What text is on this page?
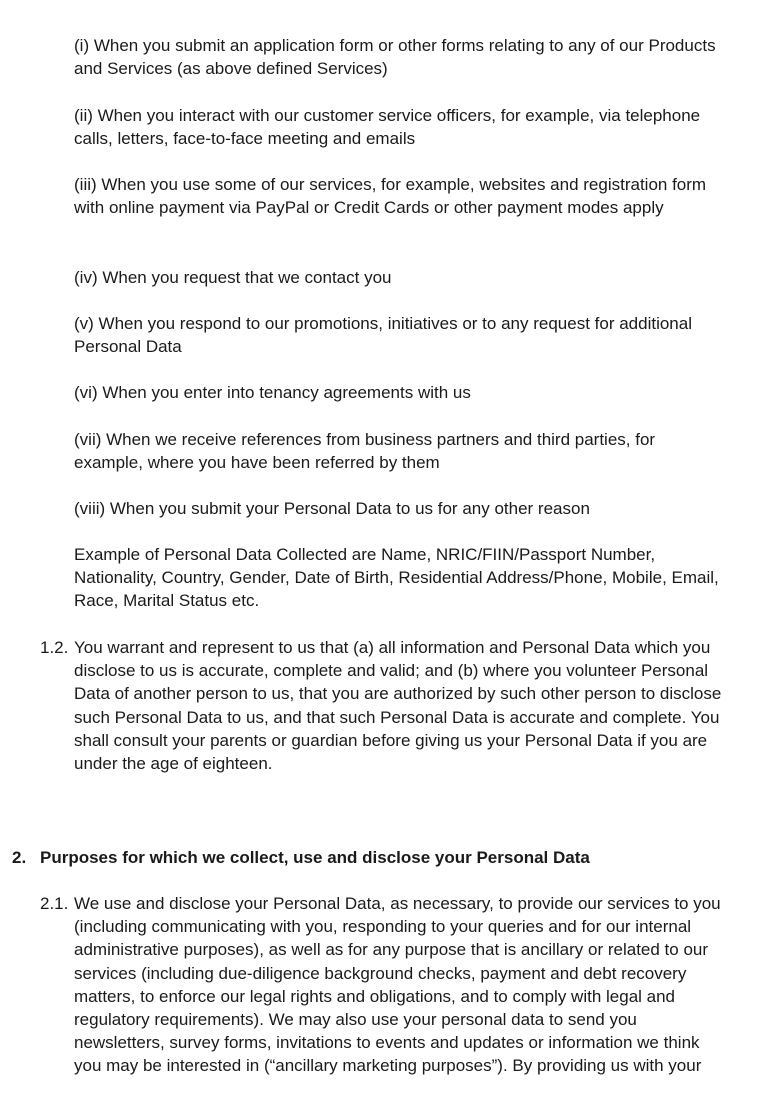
(i) When you submit an application form or other forms relating to any of our Products and Services (as above defined Services)

(ii) When you interact with our customer service officers, for example, via telephone calls, letters, face-to-face meeting and emails

(iii) When you use some of our services, for example, websites and registration form with online payment via PayPal or Credit Cards or other payment modes apply

(iv) When you request that we contact you

(v) When you respond to our promotions, initiatives or to any request for additional Personal Data

(vi) When you enter into tenancy agreements with us

(vii) When we receive references from business partners and third parties, for example, where you have been referred by them

(viii) When you submit your Personal Data to us for any other reason

Example of Personal Data Collected are Name, NRIC/FIIN/Passport Number, Nationality, Country, Gender, Date of Birth, Residential Address/Phone, Mobile, Email, Race, Marital Status etc.

1.2. You warrant and represent to us that (a) all information and Personal Data which you disclose to us is accurate, complete and valid; and (b) where you volunteer Personal Data of another person to us, that you are authorized by such other person to disclose such Personal Data to us, and that such Personal Data is accurate and complete. You shall consult your parents or guardian before giving us your Personal Data if you are under the age of eighteen.
2. Purposes for which we collect, use and disclose your Personal Data
2.1. We use and disclose your Personal Data, as necessary, to provide our services to you (including communicating with you, responding to your queries and for our internal administrative purposes), as well as for any purpose that is ancillary or related to our services (including due-diligence background checks, payment and debt recovery matters, to enforce our legal rights and obligations, and to comply with legal and regulatory requirements). We may also use your personal data to send you newsletters, survey forms, invitations to events and updates or information we think you may be interested in (“ancillary marketing purposes”). By providing us with your
